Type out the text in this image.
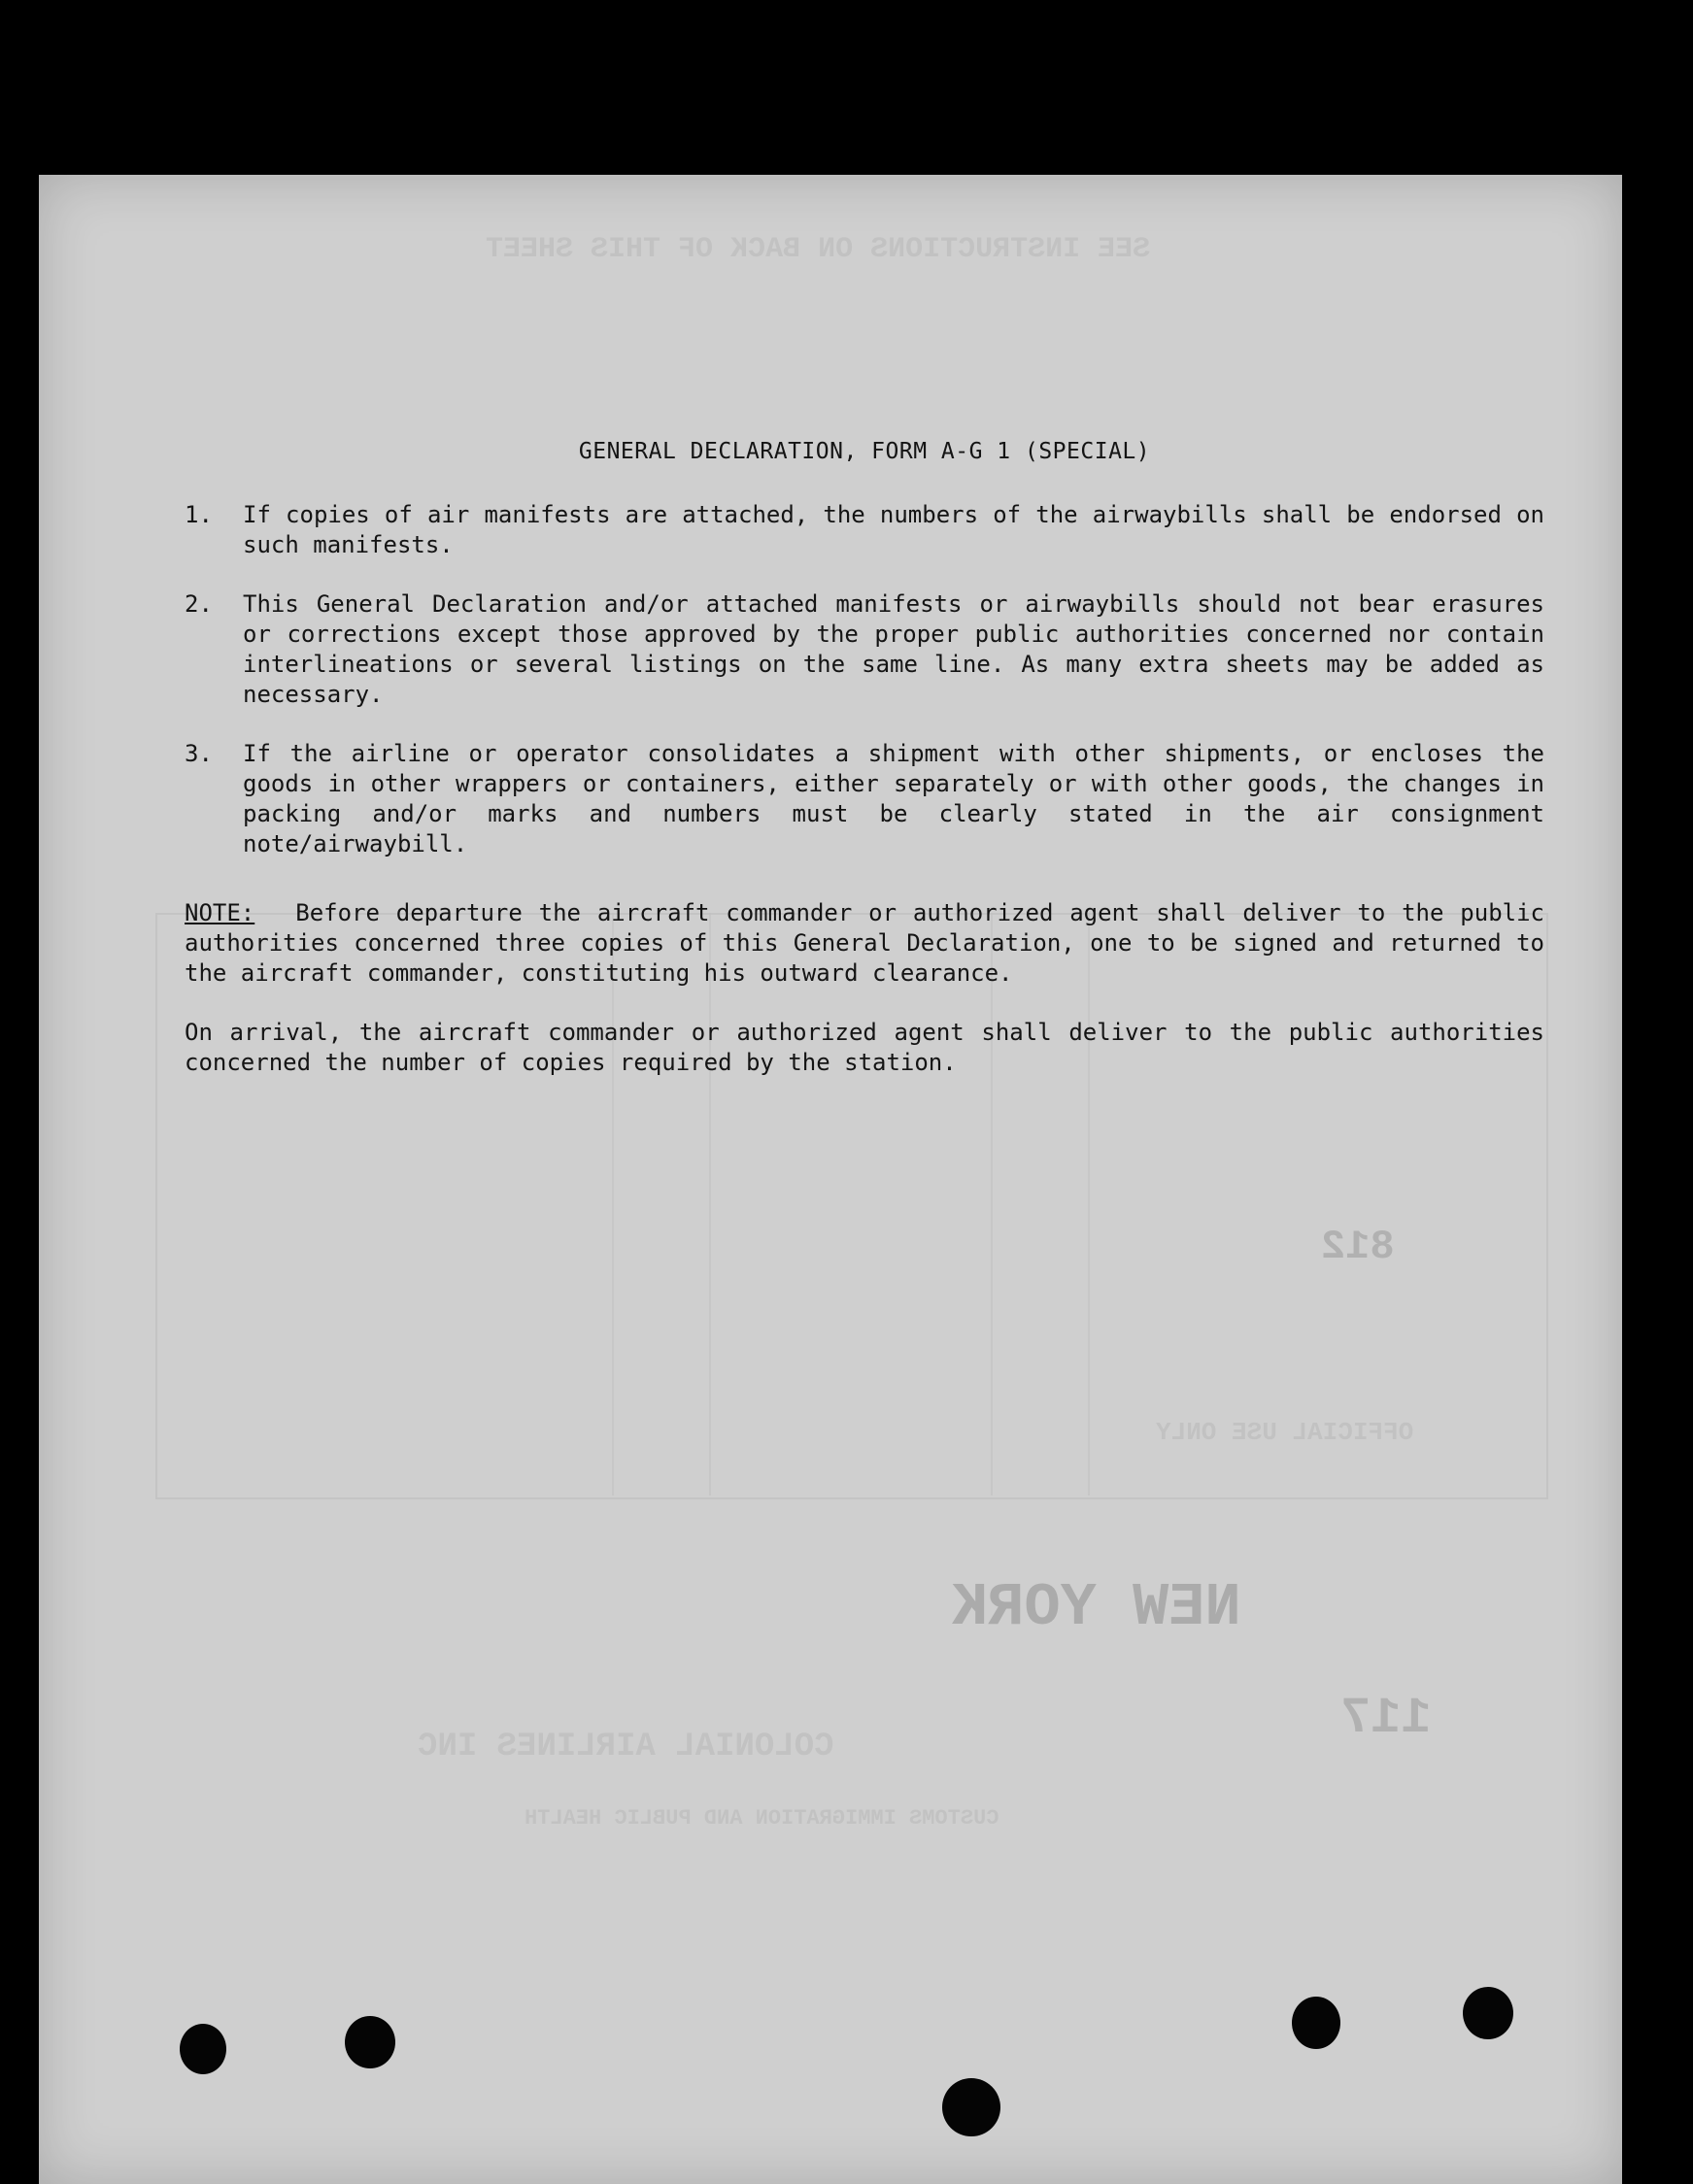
SEE INSTRUCTIONS ON BACK OF THIS SHEET
812
OFFICIAL USE ONLY
NEW YORK
117
COLONIAL AIRLINES INC
CUSTOMS IMMIGRATION AND PUBLIC HEALTH
GENERAL DECLARATION, FORM A-G 1 (SPECIAL)
1.	If copies of air manifests are attached, the numbers of the airwaybills shall be endorsed on such manifests.
2.	This General Declaration and/or attached manifests or airwaybills should not bear erasures or corrections except those approved by the proper public authorities concerned nor contain interlineations or several listings on the same line. As many extra sheets may be added as necessary.
3.	If the airline or operator consolidates a shipment with other shipments, or encloses the goods in other wrappers or containers, either separately or with other goods, the changes in packing and/or marks and numbers must be clearly stated in the air consignment note/airwaybill.
NOTE: Before departure the aircraft commander or authorized agent shall deliver to the public authorities concerned three copies of this General Declaration, one to be signed and returned to the aircraft commander, constituting his outward clearance.
On arrival, the aircraft commander or authorized agent shall deliver to the public authorities concerned the number of copies required by the station.
